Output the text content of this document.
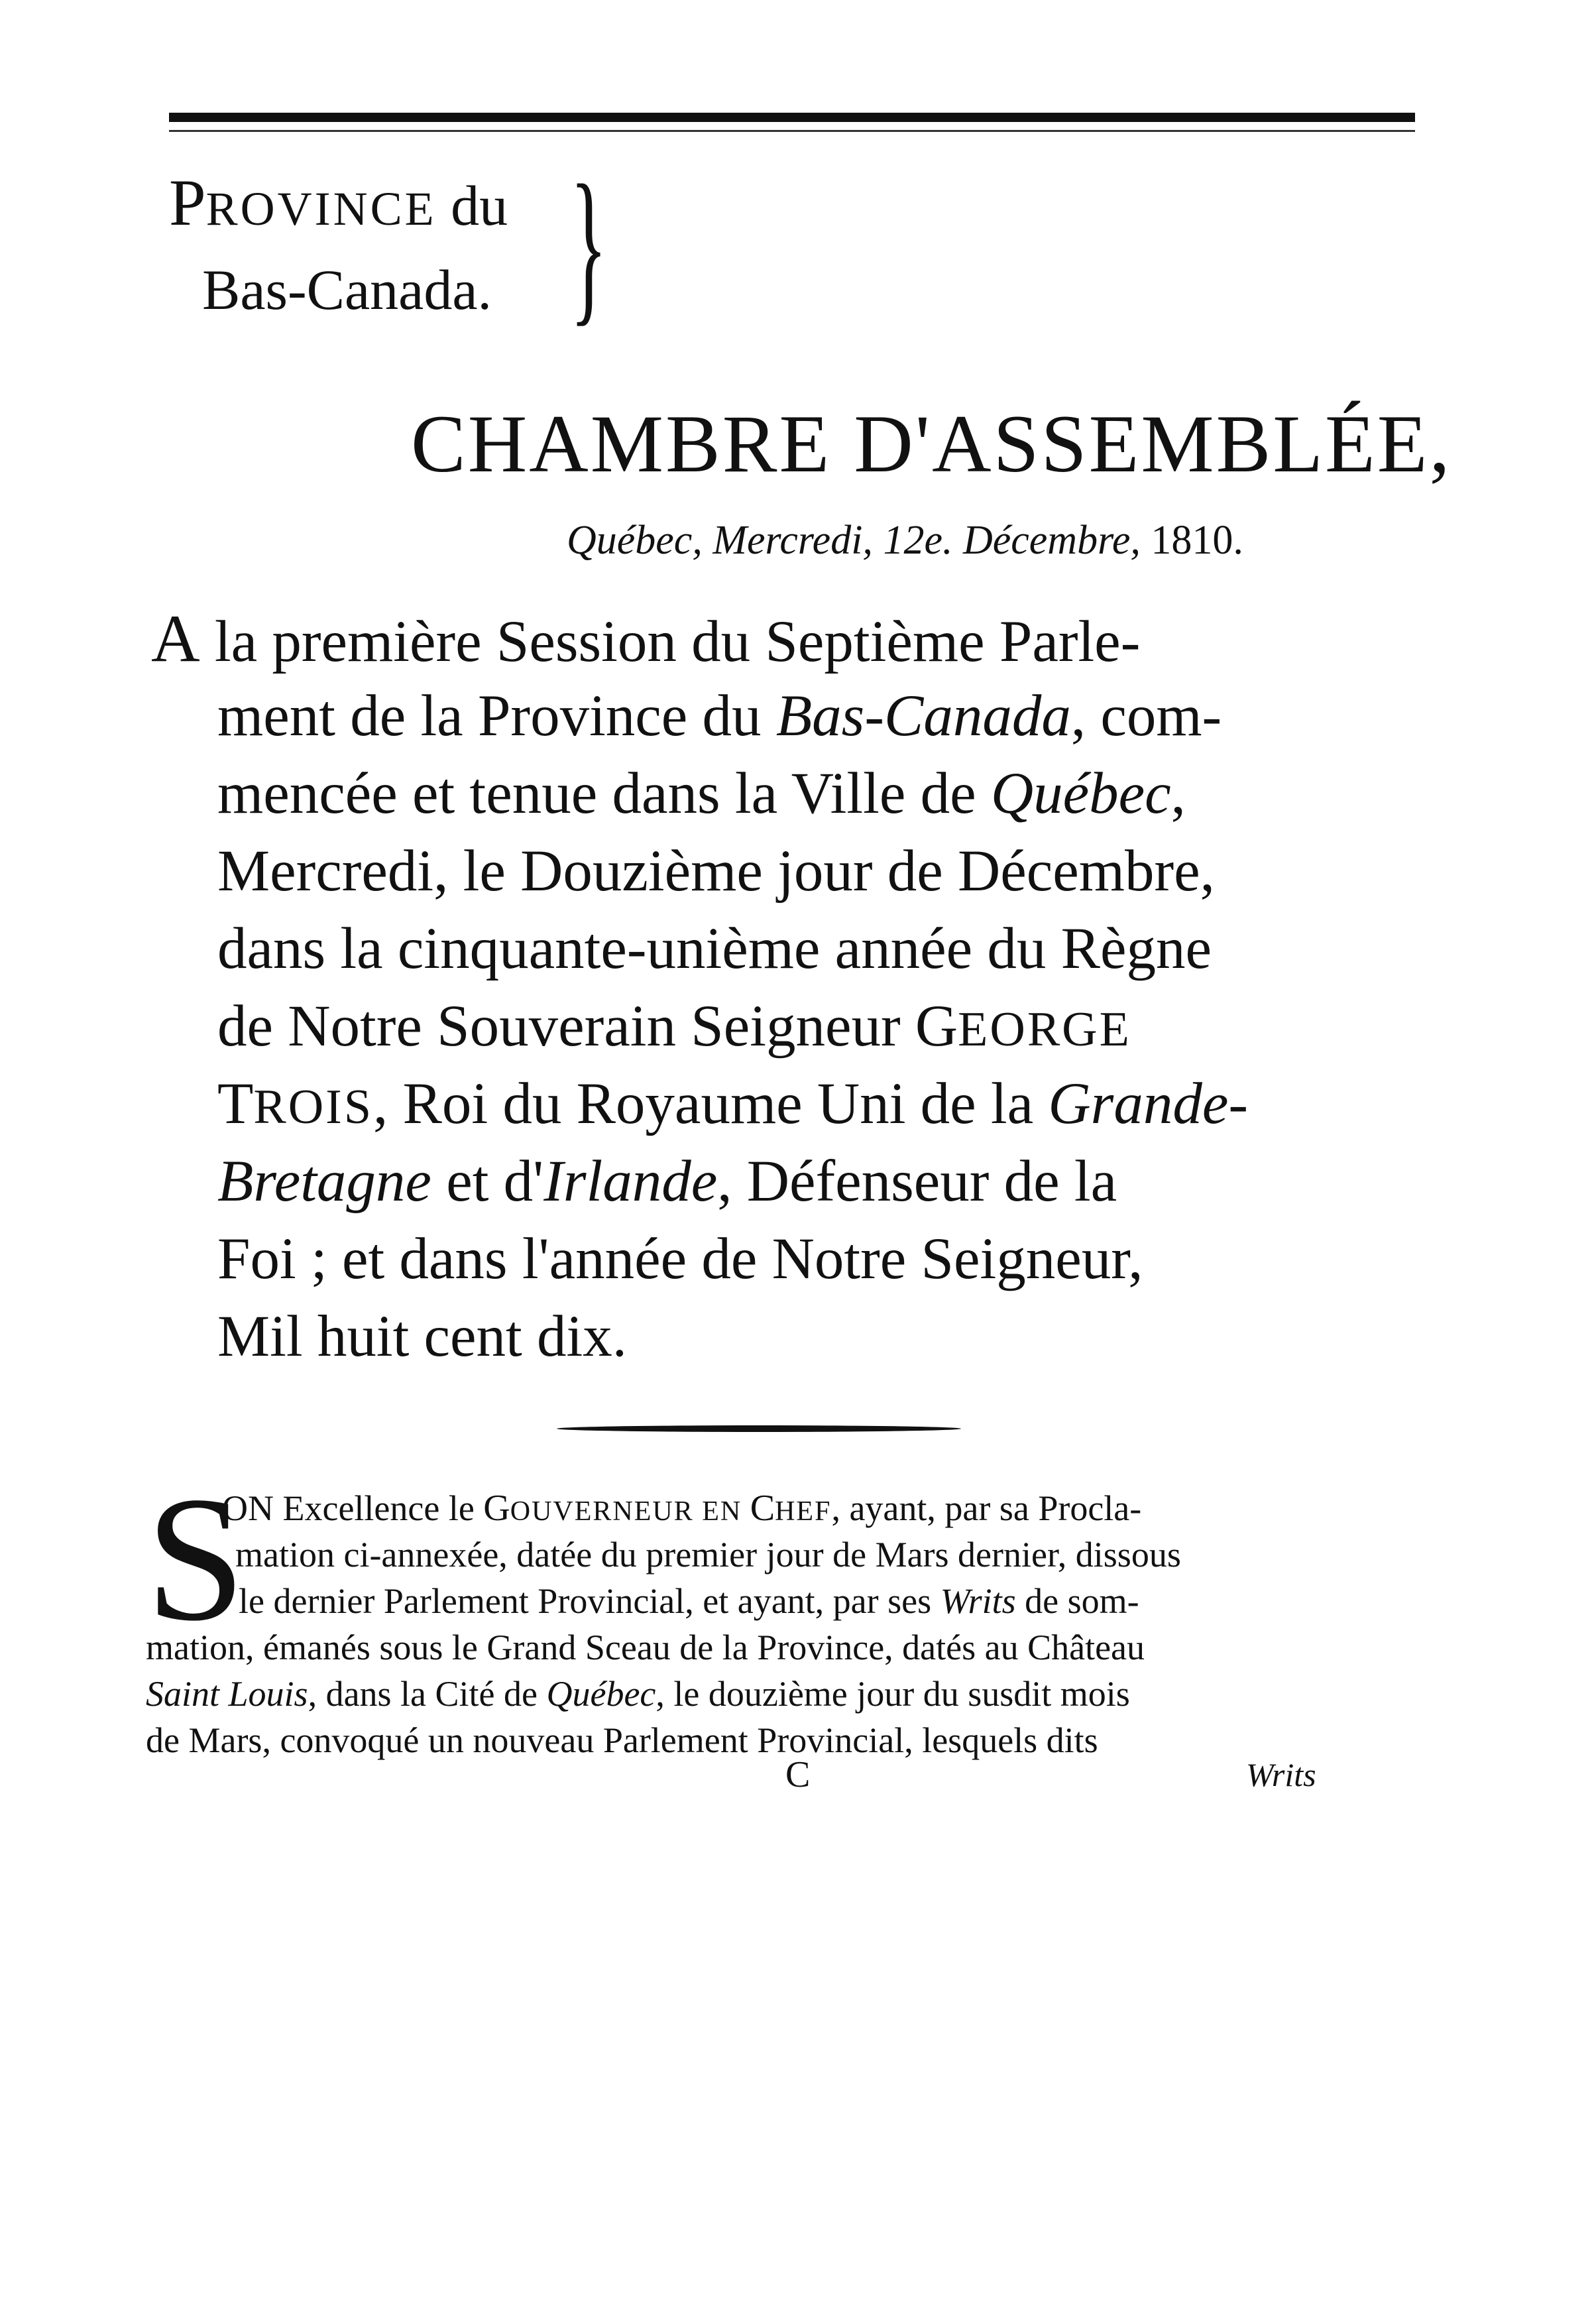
PROVINCE du
Bas-Canada. }
CHAMBRE D'ASSEMBLÉE,
Québec, Mercredi, 12e. Décembre, 1810.
A la première Session du Septième Parle-
ment de la Province du Bas-Canada, com-
mencée et tenue dans la Ville de Québec,
Mercredi, le Douzième jour de Décembre,
dans la cinquante-unième année du Règne
de Notre Souverain Seigneur GEORGE
TROIS, Roi du Royaume Uni de la Grande-
Bretagne et d'Irlande, Défenseur de la
Foi ; et dans l'année de Notre Seigneur,
Mil huit cent dix.
S
ON Excellence le GOUVERNEUR EN CHEF, ayant, par sa Procla-
mation ci-annexée, datée du premier jour de Mars dernier, dissous
le dernier Parlement Provincial, et ayant, par ses Writs de som-
mation, émanés sous le Grand Sceau de la Province, datés au Château
Saint Louis, dans la Cité de Québec, le douzième jour du susdit mois
de Mars, convoqué un nouveau Parlement Provincial, lesquels dits
C	Writs
